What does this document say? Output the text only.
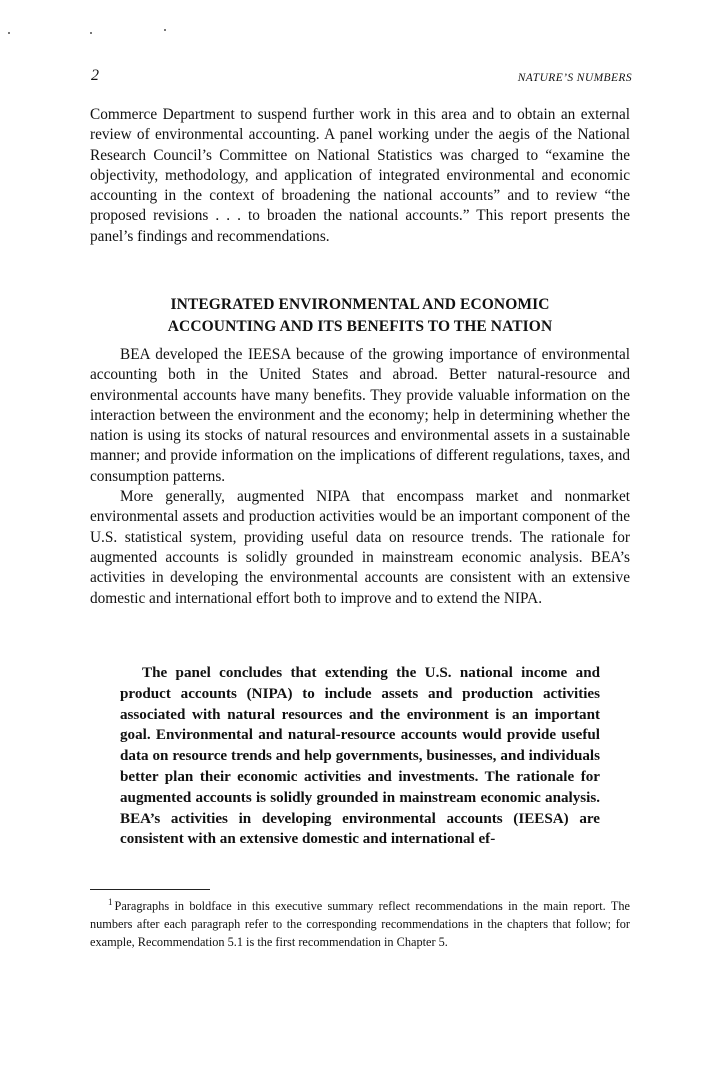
2	NATURE’S NUMBERS
Commerce Department to suspend further work in this area and to obtain an external review of environmental accounting. A panel working under the aegis of the National Research Council’s Committee on National Statistics was charged to “examine the objectivity, methodology, and application of integrated environmental and economic accounting in the context of broadening the national accounts” and to review “the proposed revisions . . . to broaden the national accounts.” This report presents the panel’s findings and recommendations.
INTEGRATED ENVIRONMENTAL AND ECONOMIC
ACCOUNTING AND ITS BENEFITS TO THE NATION

BEA developed the IEESA because of the growing importance of environmental accounting both in the United States and abroad. Better natural-resource and environmental accounts have many benefits. They provide valuable information on the interaction between the environment and the economy; help in determining whether the nation is using its stocks of natural resources and environmental assets in a sustainable manner; and provide information on the implications of different regulations, taxes, and consumption patterns.

More generally, augmented NIPA that encompass market and nonmarket environmental assets and production activities would be an important component of the U.S. statistical system, providing useful data on resource trends. The rationale for augmented accounts is solidly grounded in mainstream economic analysis. BEA’s activities in developing the environmental accounts are consistent with an extensive domestic and international effort both to improve and to extend the NIPA.

The panel concludes that extending the U.S. national income and product accounts (NIPA) to include assets and production activities associated with natural resources and the environment is an important goal. Environmental and natural-resource accounts would provide useful data on resource trends and help governments, businesses, and individuals better plan their economic activities and investments. The rationale for augmented accounts is solidly grounded in mainstream economic analysis. BEA’s activities in developing environmental accounts (IEESA) are consistent with an extensive domestic and international ef-
$^1$ Paragraphs in boldface in this executive summary reflect recommendations in the main report. The numbers after each paragraph refer to the corresponding recommendations in the chapters that follow; for example, Recommendation 5.1 is the first recommendation in Chapter 5.
